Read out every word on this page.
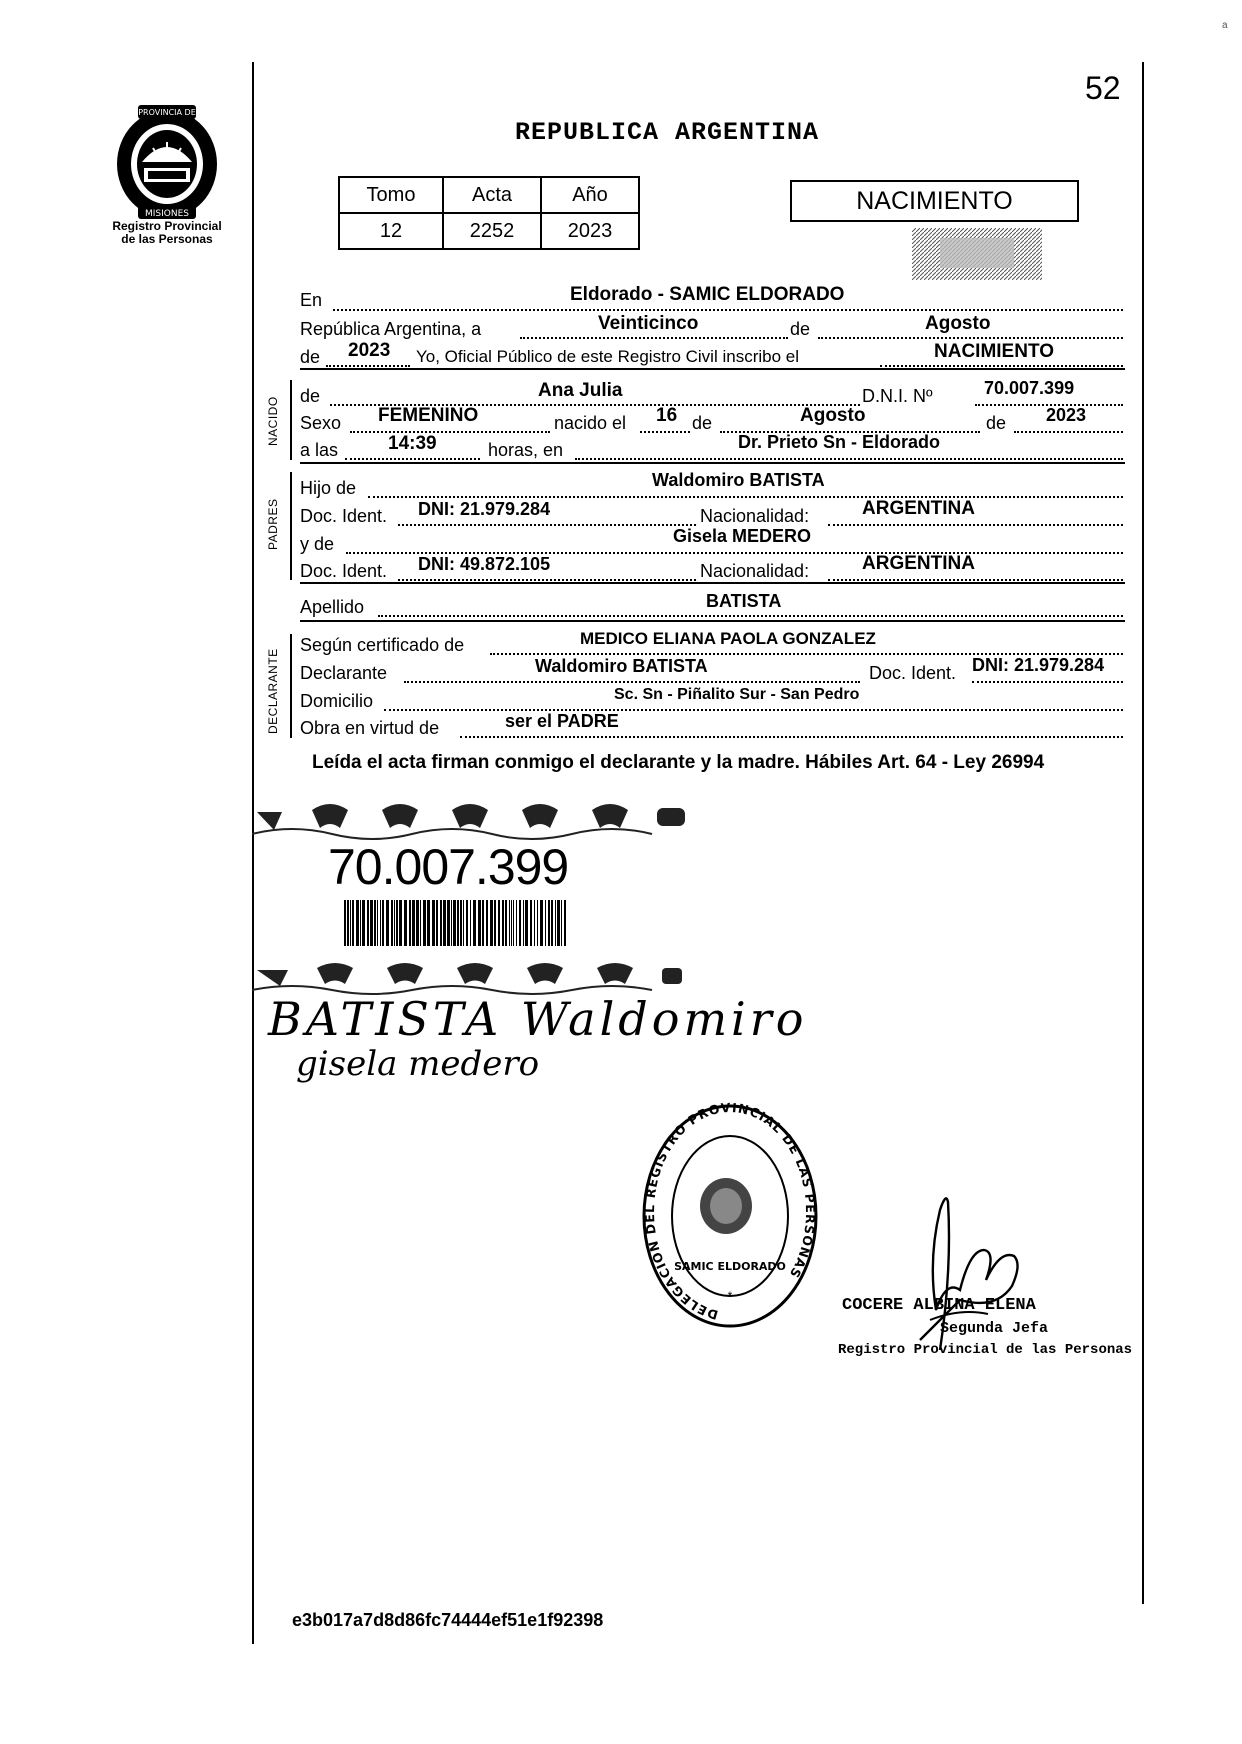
a
52
PROVINCIA DE
MISIONES
Registro Provincial
de las Personas
REPUBLICA ARGENTINA
Tomo	Acta	Año
12	2252	2023
NACIMIENTO
En	Eldorado - SAMIC ELDORADO
República Argentina, a	Veinticinco	de	Agosto
de 2023 Yo, Oficial Público de este Registro Civil inscribo el	NACIMIENTO
NACIDO
de	Ana Julia	D.N.I. Nº	70.007.399
Sexo FEMENINO	nacido el 16 de	Agosto	de 2023
a las	14:39	horas, en	Dr. Prieto Sn - Eldorado
PADRES
Hijo de	Waldomiro BATISTA
Doc. Ident. DNI: 21.979.284	Nacionalidad:	ARGENTINA
y de	Gisela MEDERO
Doc. Ident. DNI: 49.872.105	Nacionalidad:	ARGENTINA
Apellido	BATISTA
DECLARANTE
Según certificado de	MEDICO ELIANA PAOLA GONZALEZ
Declarante	Waldomiro BATISTA	Doc. Ident. DNI: 21.979.284
Domicilio	Sc. Sn - Piñalito Sur - San Pedro
Obra en virtud de	ser el PADRE
Leída el acta firman conmigo el declarante y la madre. Hábiles Art. 64 - Ley 26994
70.007.399
BATISTA Waldomiro
gisela medero
DELEGACION DEL REGISTRO PROVINCIAL DE LAS PERSONAS
SAMIC ELDORADO
*	COCERE ALBINA ELENA
Segunda Jefa
Registro Provincial de las Personas
e3b017a7d8d86fc74444ef51e1f92398
